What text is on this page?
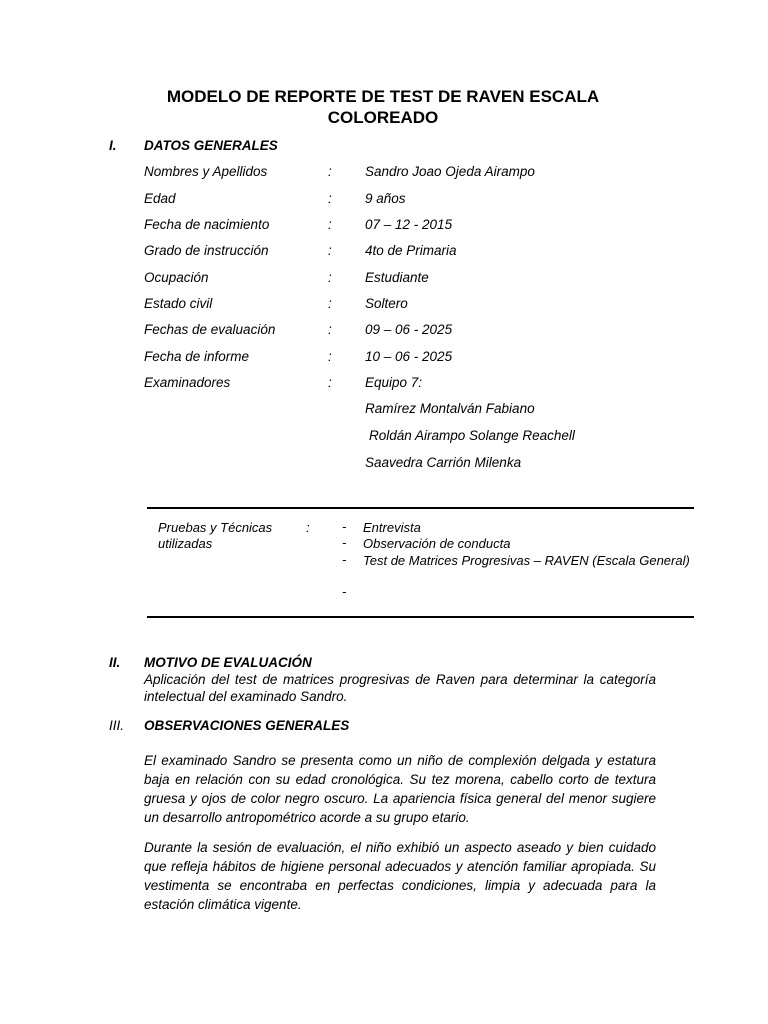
MODELO DE REPORTE DE TEST DE RAVEN ESCALA COLOREADO
I. DATOS GENERALES
Nombres y Apellidos	: Sandro Joao Ojeda Airampo
Edad	: 9 años
Fecha de nacimiento	: 07 – 12 - 2015
Grado de instrucción	: 4to de Primaria
Ocupación	: Estudiante
Estado civil	: Soltero
Fechas de evaluación	: 09 – 06 - 2025
Fecha de informe	: 10 – 06 - 2025
Examinadores	: Equipo 7:
Ramírez Montalván Fabiano
Roldán Airampo Solange Reachell
Saavedra Carrión Milenka
Pruebas y Técnicas
utilizadas
: - Entrevista
- Observación de conducta
- Test de Matrices Progresivas – RAVEN (Escala General)
-
II. MOTIVO DE EVALUACIÓN
Aplicación del test de matrices progresivas de Raven para determinar la categoría intelectual del examinado Sandro.
III. OBSERVACIONES GENERALES
El examinado Sandro se presenta como un niño de complexión delgada y estatura baja en relación con su edad cronológica. Su tez morena, cabello corto de textura gruesa y ojos de color negro oscuro. La apariencia física general del menor sugiere un desarrollo antropométrico acorde a su grupo etario.
Durante la sesión de evaluación, el niño exhibió un aspecto aseado y bien cuidado que refleja hábitos de higiene personal adecuados y atención familiar apropiada. Su vestimenta se encontraba en perfectas condiciones, limpia y adecuada para la estación climática vigente.
